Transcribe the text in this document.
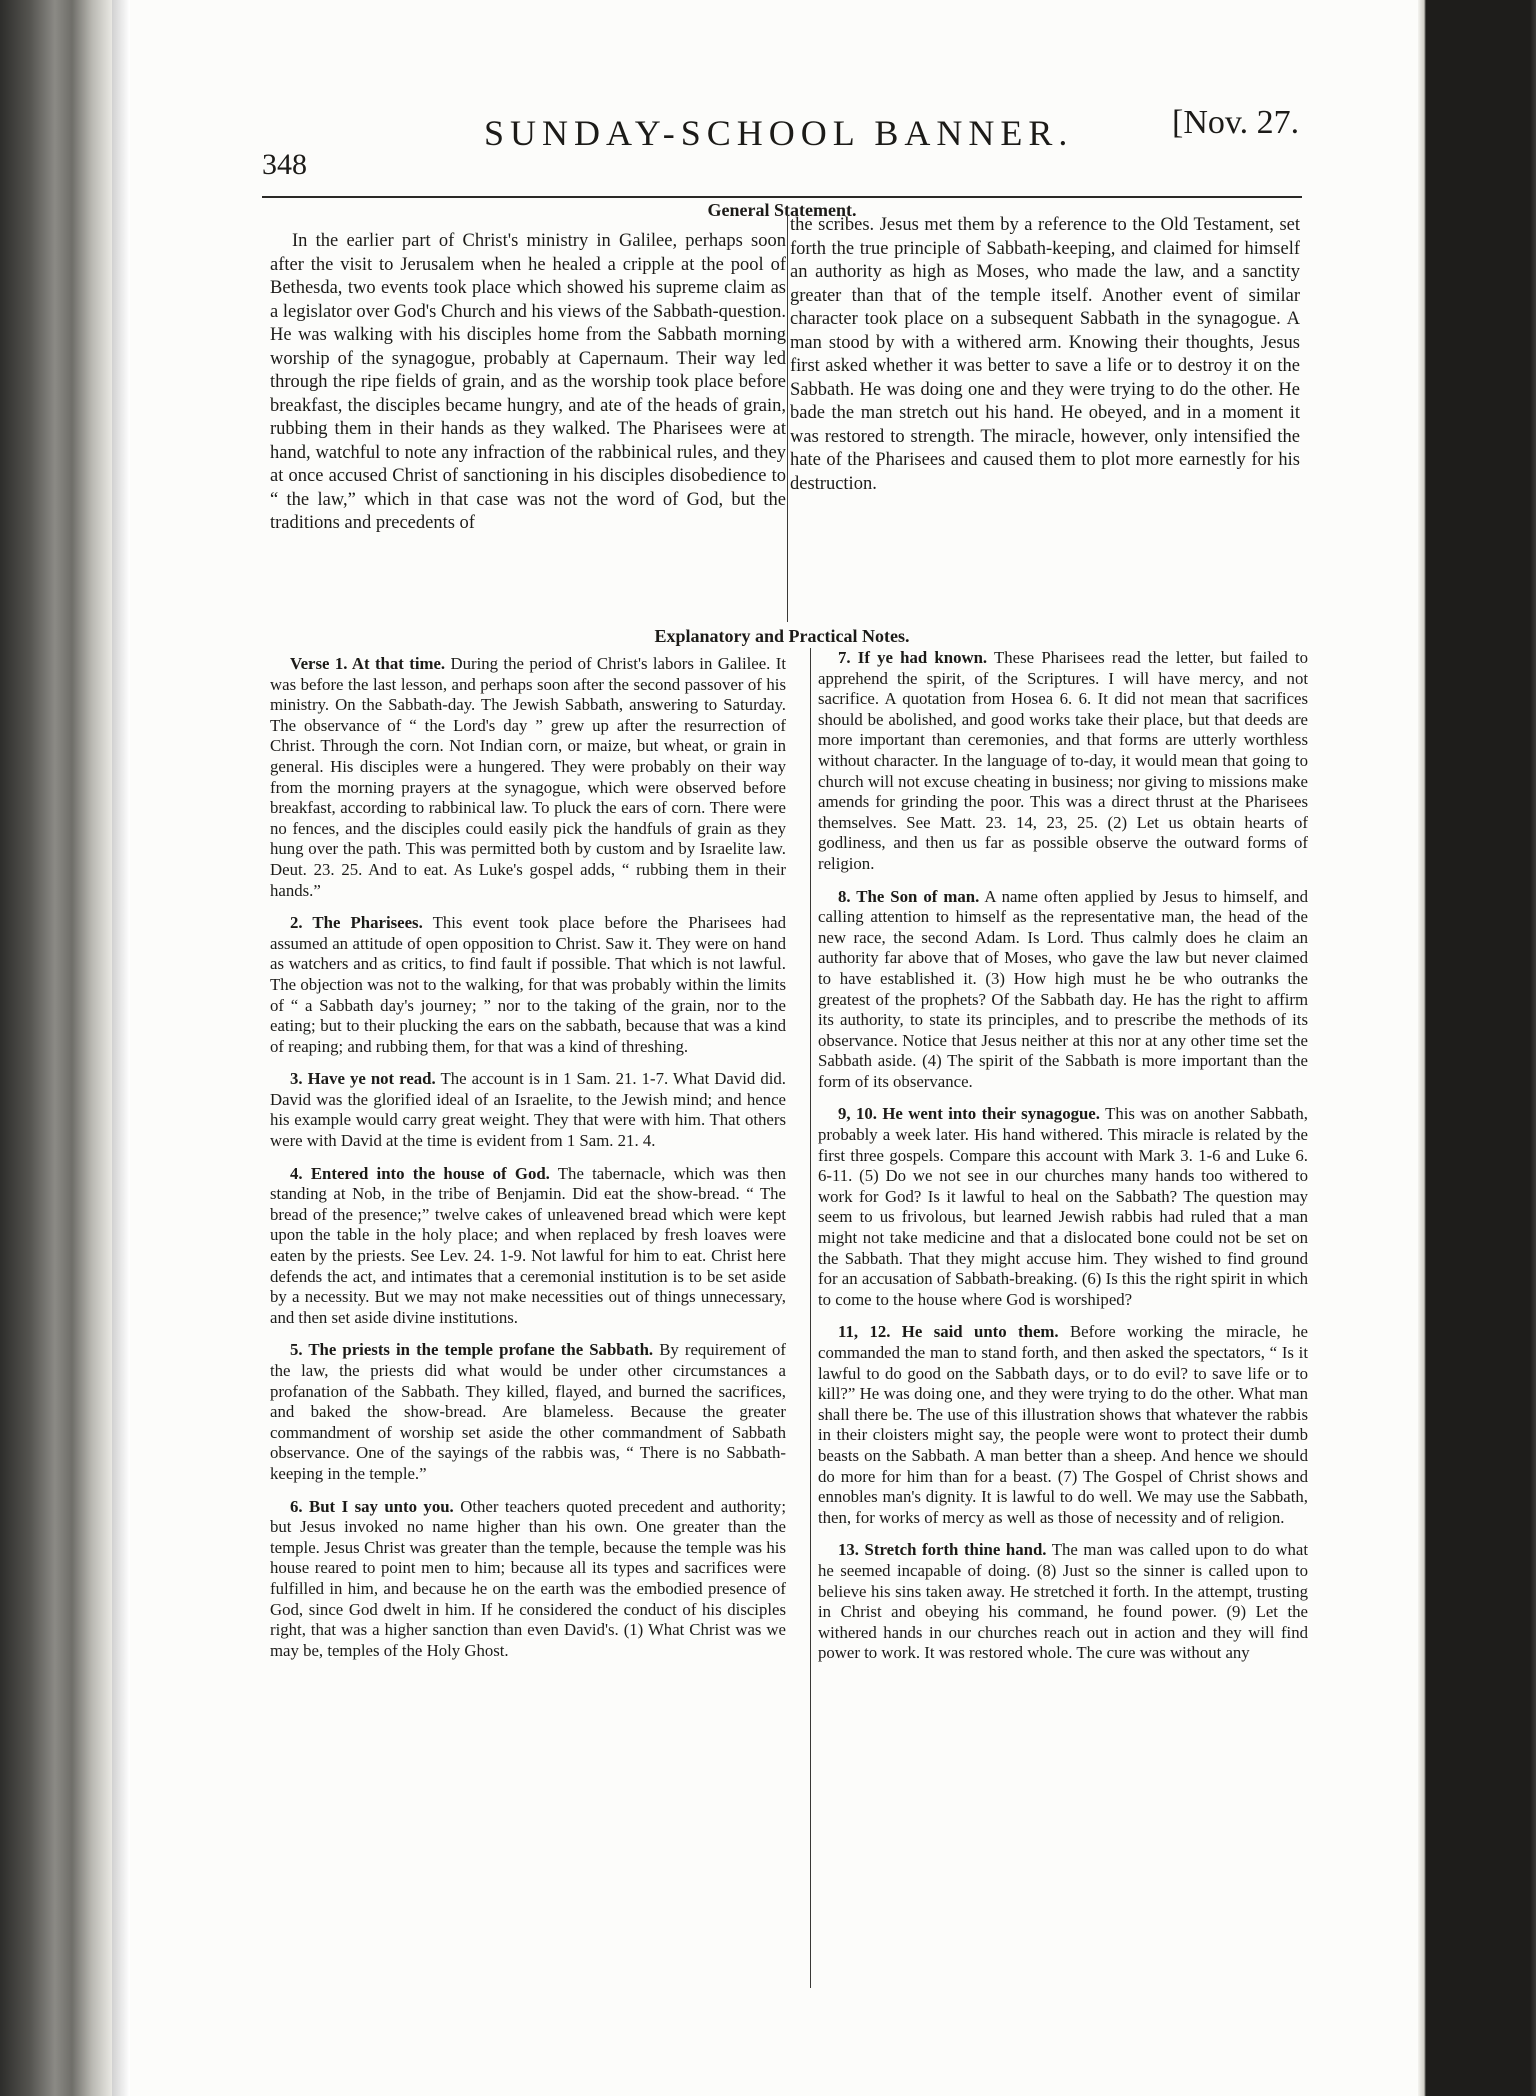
348
SUNDAY-SCHOOL BANNER.	[Nov. 27.
General Statement.

In the earlier part of Christ's ministry in Galilee, perhaps soon after the visit to Jerusalem when he healed a cripple at the pool of Bethesda, two events took place which showed his supreme claim as a legislator over God's Church and his views of the Sabbath-question. He was walking with his disciples home from the Sabbath morning worship of the synagogue, probably at Capernaum. Their way led through the ripe fields of grain, and as the worship took place before breakfast, the disciples became hungry, and ate of the heads of grain, rubbing them in their hands as they walked. The Pharisees were at hand, watchful to note any infraction of the rabbinical rules, and they at once accused Christ of sanctioning in his disciples disobedience to “ the law,” which in that case was not the word of God, but the traditions and precedents of

the scribes. Jesus met them by a reference to the Old Testament, set forth the true principle of Sabbath-keeping, and claimed for himself an authority as high as Moses, who made the law, and a sanctity greater than that of the temple itself. Another event of similar character took place on a subsequent Sabbath in the synagogue. A man stood by with a withered arm. Knowing their thoughts, Jesus first asked whether it was better to save a life or to destroy it on the Sabbath. He was doing one and they were trying to do the other. He bade the man stretch out his hand. He obeyed, and in a moment it was restored to strength. The miracle, however, only intensified the hate of the Pharisees and caused them to plot more earnestly for his destruction.

Explanatory and Practical Notes.

Verse 1. At that time. During the period of Christ's labors in Galilee. It was before the last lesson, and perhaps soon after the second passover of his ministry. On the Sabbath-day. The Jewish Sabbath, answering to Saturday. The observance of “ the Lord's day ” grew up after the resurrection of Christ. Through the corn. Not Indian corn, or maize, but wheat, or grain in general. His disciples were a hungered. They were probably on their way from the morning prayers at the synagogue, which were observed before breakfast, according to rabbinical law. To pluck the ears of corn. There were no fences, and the disciples could easily pick the handfuls of grain as they hung over the path. This was permitted both by custom and by Israelite law. Deut. 23. 25. And to eat. As Luke's gospel adds, “ rubbing them in their hands.”

2. The Pharisees. This event took place before the Pharisees had assumed an attitude of open opposition to Christ. Saw it. They were on hand as watchers and as critics, to find fault if possible. That which is not lawful. The objection was not to the walking, for that was probably within the limits of “ a Sabbath day's journey; ” nor to the taking of the grain, nor to the eating; but to their plucking the ears on the sabbath, because that was a kind of reaping; and rubbing them, for that was a kind of threshing.

3. Have ye not read. The account is in 1 Sam. 21. 1-7. What David did. David was the glorified ideal of an Israelite, to the Jewish mind; and hence his example would carry great weight. They that were with him. That others were with David at the time is evident from 1 Sam. 21. 4.

4. Entered into the house of God. The tabernacle, which was then standing at Nob, in the tribe of Benjamin. Did eat the show-bread. “ The bread of the presence;” twelve cakes of unleavened bread which were kept upon the table in the holy place; and when replaced by fresh loaves were eaten by the priests. See Lev. 24. 1-9. Not lawful for him to eat. Christ here defends the act, and intimates that a ceremonial institution is to be set aside by a necessity. But we may not make necessities out of things unnecessary, and then set aside divine institutions.

5. The priests in the temple profane the Sabbath. By requirement of the law, the priests did what would be under other circumstances a profanation of the Sabbath. They killed, flayed, and burned the sacrifices, and baked the show-bread. Are blameless. Because the greater commandment of worship set aside the other commandment of Sabbath observance. One of the sayings of the rabbis was, “ There is no Sabbath-keeping in the temple.”

6. But I say unto you. Other teachers quoted precedent and authority; but Jesus invoked no name higher than his own. One greater than the temple. Jesus Christ was greater than the temple, because the temple was his house reared to point men to him; because all its types and sacrifices were fulfilled in him, and because he on the earth was the embodied presence of God, since God dwelt in him. If he considered the conduct of his disciples right, that was a higher sanction than even David's. (1) What Christ was we may be, temples of the Holy Ghost.

7. If ye had known. These Pharisees read the letter, but failed to apprehend the spirit, of the Scriptures. I will have mercy, and not sacrifice. A quotation from Hosea 6. 6. It did not mean that sacrifices should be abolished, and good works take their place, but that deeds are more important than ceremonies, and that forms are utterly worthless without character. In the language of to-day, it would mean that going to church will not excuse cheating in business; nor giving to missions make amends for grinding the poor. This was a direct thrust at the Pharisees themselves. See Matt. 23. 14, 23, 25. (2) Let us obtain hearts of godliness, and then us far as possible observe the outward forms of religion.

8. The Son of man. A name often applied by Jesus to himself, and calling attention to himself as the representative man, the head of the new race, the second Adam. Is Lord. Thus calmly does he claim an authority far above that of Moses, who gave the law but never claimed to have established it. (3) How high must he be who outranks the greatest of the prophets? Of the Sabbath day. He has the right to affirm its authority, to state its principles, and to prescribe the methods of its observance. Notice that Jesus neither at this nor at any other time set the Sabbath aside. (4) The spirit of the Sabbath is more important than the form of its observance.

9, 10. He went into their synagogue. This was on another Sabbath, probably a week later. His hand withered. This miracle is related by the first three gospels. Compare this account with Mark 3. 1-6 and Luke 6. 6-11. (5) Do we not see in our churches many hands too withered to work for God? Is it lawful to heal on the Sabbath? The question may seem to us frivolous, but learned Jewish rabbis had ruled that a man might not take medicine and that a dislocated bone could not be set on the Sabbath. That they might accuse him. They wished to find ground for an accusation of Sabbath-breaking. (6) Is this the right spirit in which to come to the house where God is worshiped?

11, 12. He said unto them. Before working the miracle, he commanded the man to stand forth, and then asked the spectators, “ Is it lawful to do good on the Sabbath days, or to do evil? to save life or to kill?” He was doing one, and they were trying to do the other. What man shall there be. The use of this illustration shows that whatever the rabbis in their cloisters might say, the people were wont to protect their dumb beasts on the Sabbath. A man better than a sheep. And hence we should do more for him than for a beast. (7) The Gospel of Christ shows and ennobles man's dignity. It is lawful to do well. We may use the Sabbath, then, for works of mercy as well as those of necessity and of religion.

13. Stretch forth thine hand. The man was called upon to do what he seemed incapable of doing. (8) Just so the sinner is called upon to believe his sins taken away. He stretched it forth. In the attempt, trusting in Christ and obeying his command, he found power. (9) Let the withered hands in our churches reach out in action and they will find power to work. It was restored whole. The cure was without any
